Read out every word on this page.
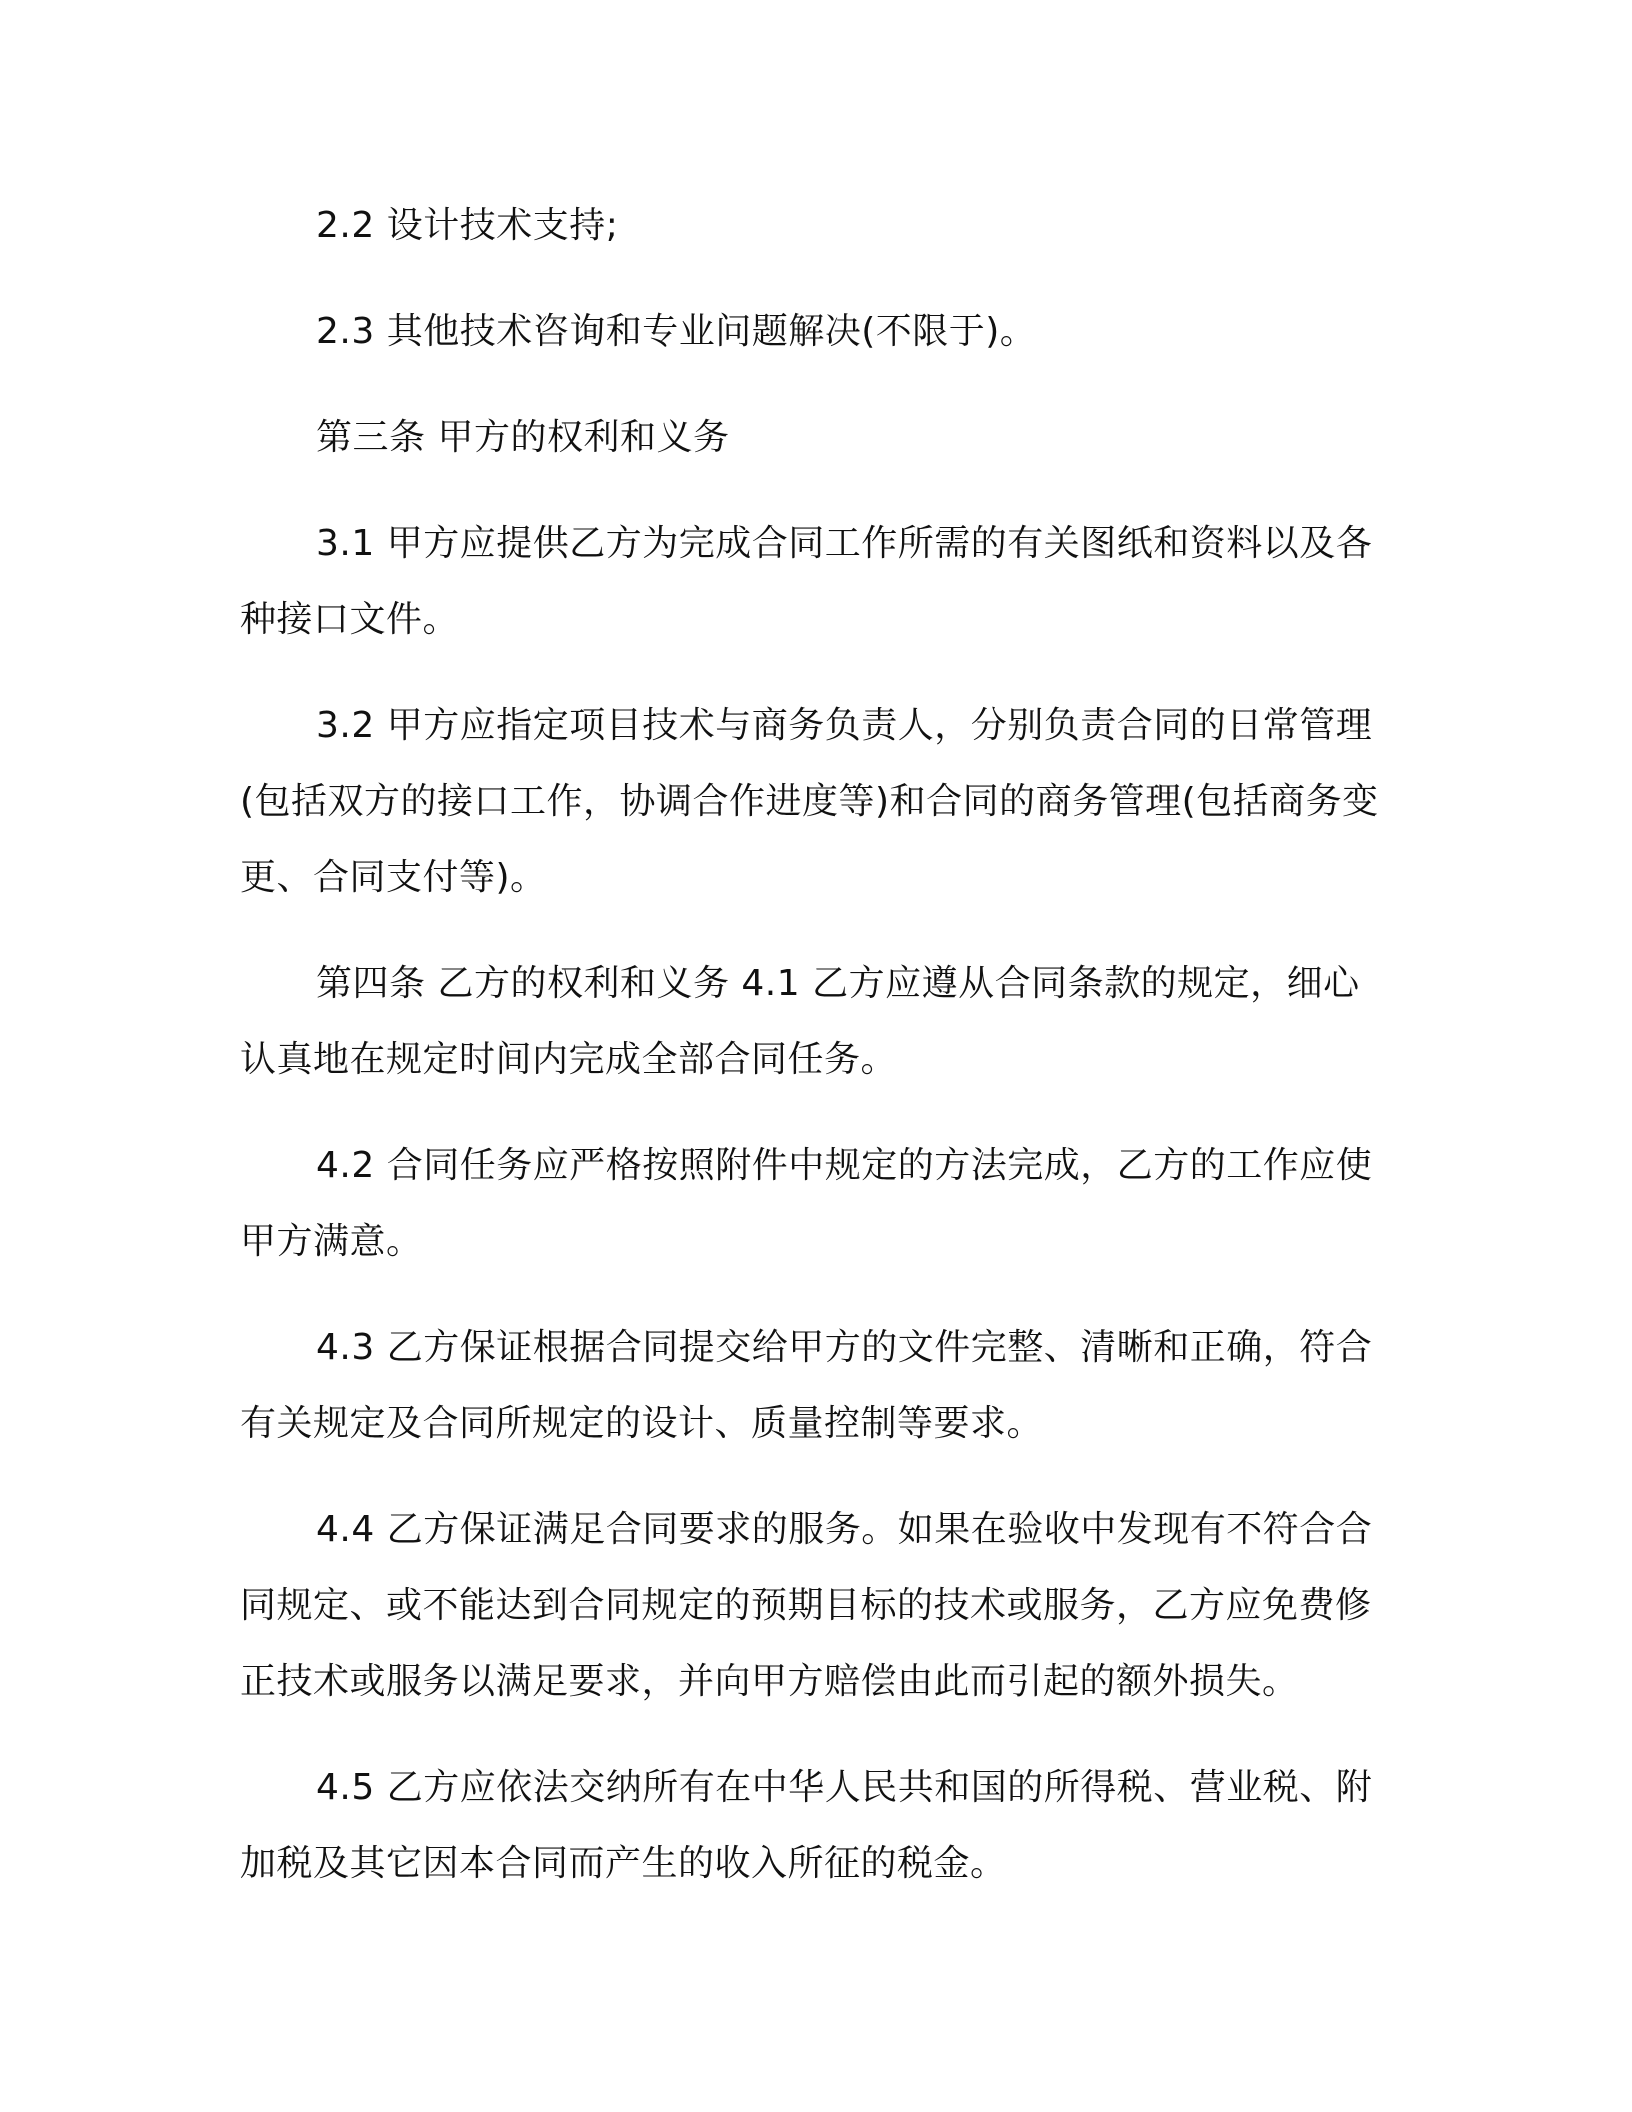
2.2 设计技术支持;

2.3 其他技术咨询和专业问题解决(不限于)。

第三条 甲方的权利和义务

3.1 甲方应提供乙方为完成合同工作所需的有关图纸和资料以及各种接口文件。

3.2 甲方应指定项目技术与商务负责人，分别负责合同的日常管理(包括双方的接口工作，协调合作进度等)和合同的商务管理(包括商务变更、合同支付等)。

第四条 乙方的权利和义务 4.1 乙方应遵从合同条款的规定，细心认真地在规定时间内完成全部合同任务。

4.2 合同任务应严格按照附件中规定的方法完成，乙方的工作应使甲方满意。

4.3 乙方保证根据合同提交给甲方的文件完整、清晰和正确，符合有关规定及合同所规定的设计、质量控制等要求。

4.4 乙方保证满足合同要求的服务。如果在验收中发现有不符合合同规定、或不能达到合同规定的预期目标的技术或服务，乙方应免费修正技术或服务以满足要求，并向甲方赔偿由此而引起的额外损失。

4.5 乙方应依法交纳所有在中华人民共和国的所得税、营业税、附加税及其它因本合同而产生的收入所征的税金。
